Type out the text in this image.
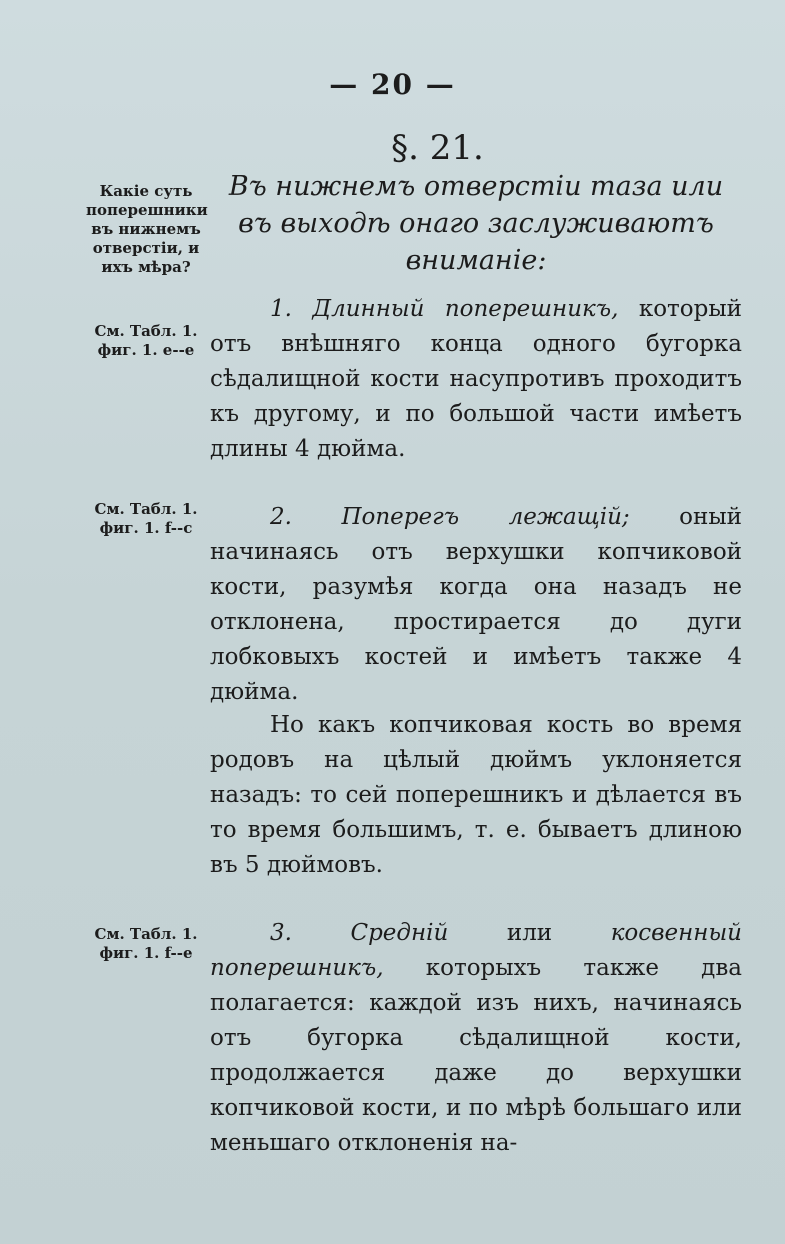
— 20 —
§. 21.
Въ нижнемъ отверстіи таза или въ выходѣ онаго заслуживаютъ вниманіе:
Какіе суть поперешники въ нижнемъ отверстіи, и ихъ мѣра?
См. Табл. 1. фиг. 1. е--е
См. Табл. 1. фиг. 1. f--c
См. Табл. 1. фиг. 1. f--e

1. Длинный поперешникъ, который отъ внѣшняго конца одного бугорка сѣдалищной кости насупротивъ проходитъ къ другому, и по большой части имѣетъ длины 4 дюйма.

2. Поперегъ лежащій; оный начинаясь отъ верхушки копчиковой кости, разумѣя когда она назадъ не отклонена, простирается до дуги лобковыхъ костей и имѣетъ также 4 дюйма.

Но какъ копчиковая кость во время родовъ на цѣлый дюймъ уклоняется назадъ: то сей поперешникъ и дѣлается въ то время большимъ, т. е. бываетъ длиною въ 5 дюймовъ.

3. Среднiй или косвенный поперешникъ, которыхъ также два полагается: каждой изъ нихъ, начинаясь отъ бугорка сѣдалищной кости, продолжается даже до верхушки копчиковой кости, и по мѣрѣ большаго или меньшаго отклоненія на-
